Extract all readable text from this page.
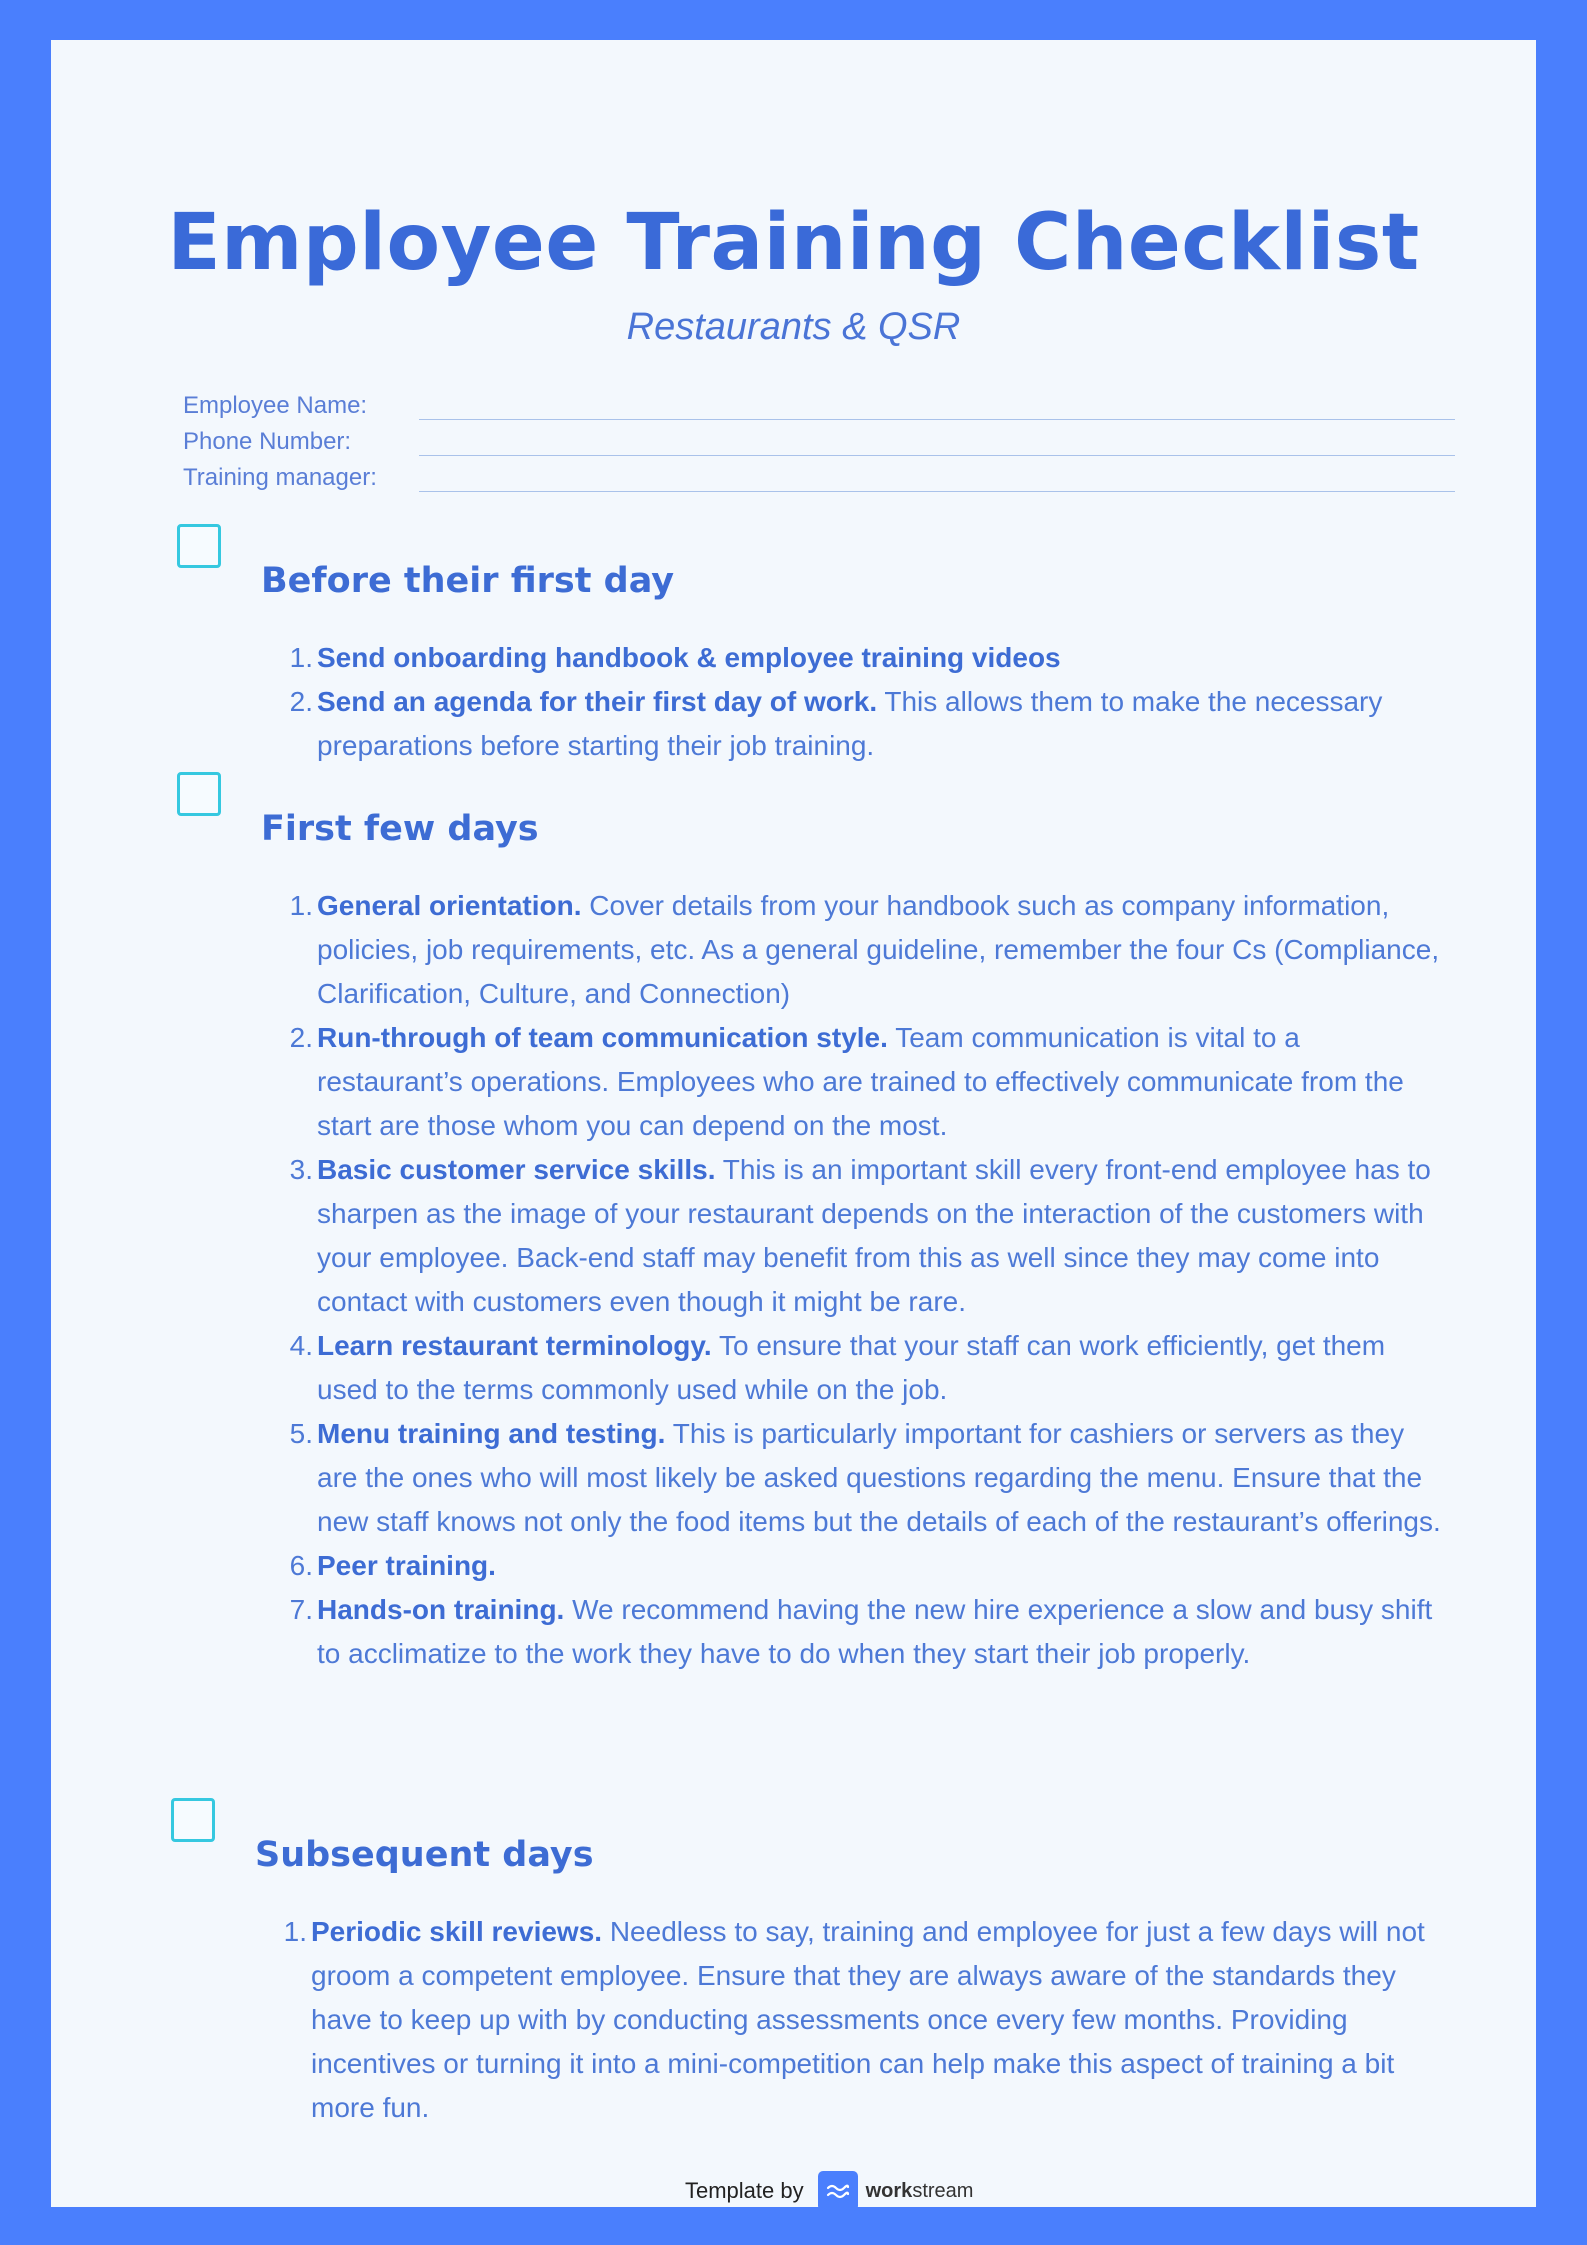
Employee Training Checklist
Restaurants & QSR
Employee Name:
Phone Number:
Training manager:
Before their first day
1. Send onboarding handbook & employee training videos
2. Send an agenda for their first day of work. This allows them to make the necessary preparations before starting their job training.
First few days
1. General orientation. Cover details from your handbook such as company information, policies, job requirements, etc. As a general guideline, remember the four Cs (Compliance, Clarification, Culture, and Connection)
2. Run-through of team communication style. Team communication is vital to a restaurant’s operations. Employees who are trained to effectively communicate from the start are those whom you can depend on the most.
3. Basic customer service skills. This is an important skill every front-end employee has to sharpen as the image of your restaurant depends on the interaction of the customers with your employee. Back-end staff may benefit from this as well since they may come into contact with customers even though it might be rare.
4. Learn restaurant terminology. To ensure that your staff can work efficiently, get them used to the terms commonly used while on the job.
5. Menu training and testing. This is particularly important for cashiers or servers as they are the ones who will most likely be asked questions regarding the menu. Ensure that the new staff knows not only the food items but the details of each of the restaurant’s offerings.
6. Peer training.
7. Hands-on training. We recommend having the new hire experience a slow and busy shift to acclimatize to the work they have to do when they start their job properly.
Subsequent days
1. Periodic skill reviews. Needless to say, training and employee for just a few days will not groom a competent employee. Ensure that they are always aware of the standards they have to keep up with by conducting assessments once every few months. Providing incentives or turning it into a mini-competition can help make this aspect of training a bit more fun.
Template by	workstream
